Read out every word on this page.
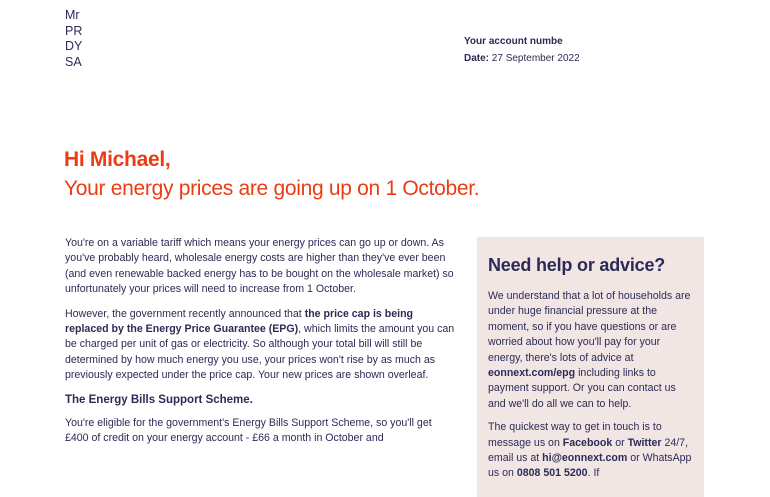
Mr
PR
DY
SA
Your account numbe
Date: 27 September 2022
Hi Michael,
Your energy prices are going up on 1 October.

You're on a variable tariff which means your energy prices can go up or down. As you've probably heard, wholesale energy costs are higher than they've ever been (and even renewable backed energy has to be bought on the wholesale market) so unfortunately your prices will need to increase from 1 October.

However, the government recently announced that the price cap is being replaced by the Energy Price Guarantee (EPG), which limits the amount you can be charged per unit of gas or electricity. So although your total bill will still be determined by how much energy you use, your prices won't rise by as much as previously expected under the price cap. Your new prices are shown overleaf.

The Energy Bills Support Scheme.

You're eligible for the government's Energy Bills Support Scheme, so you'll get £400 of credit on your energy account - £66 a month in October and

Need help or advice?

We understand that a lot of households are under huge financial pressure at the moment, so if you have questions or are worried about how you'll pay for your energy, there's lots of advice at eonnext.com/epg including links to payment support. Or you can contact us and we'll do all we can to help.

The quickest way to get in touch is to message us on Facebook or Twitter 24/7, email us at hi@eonnext.com or WhatsApp us on 0808 501 5200. If
